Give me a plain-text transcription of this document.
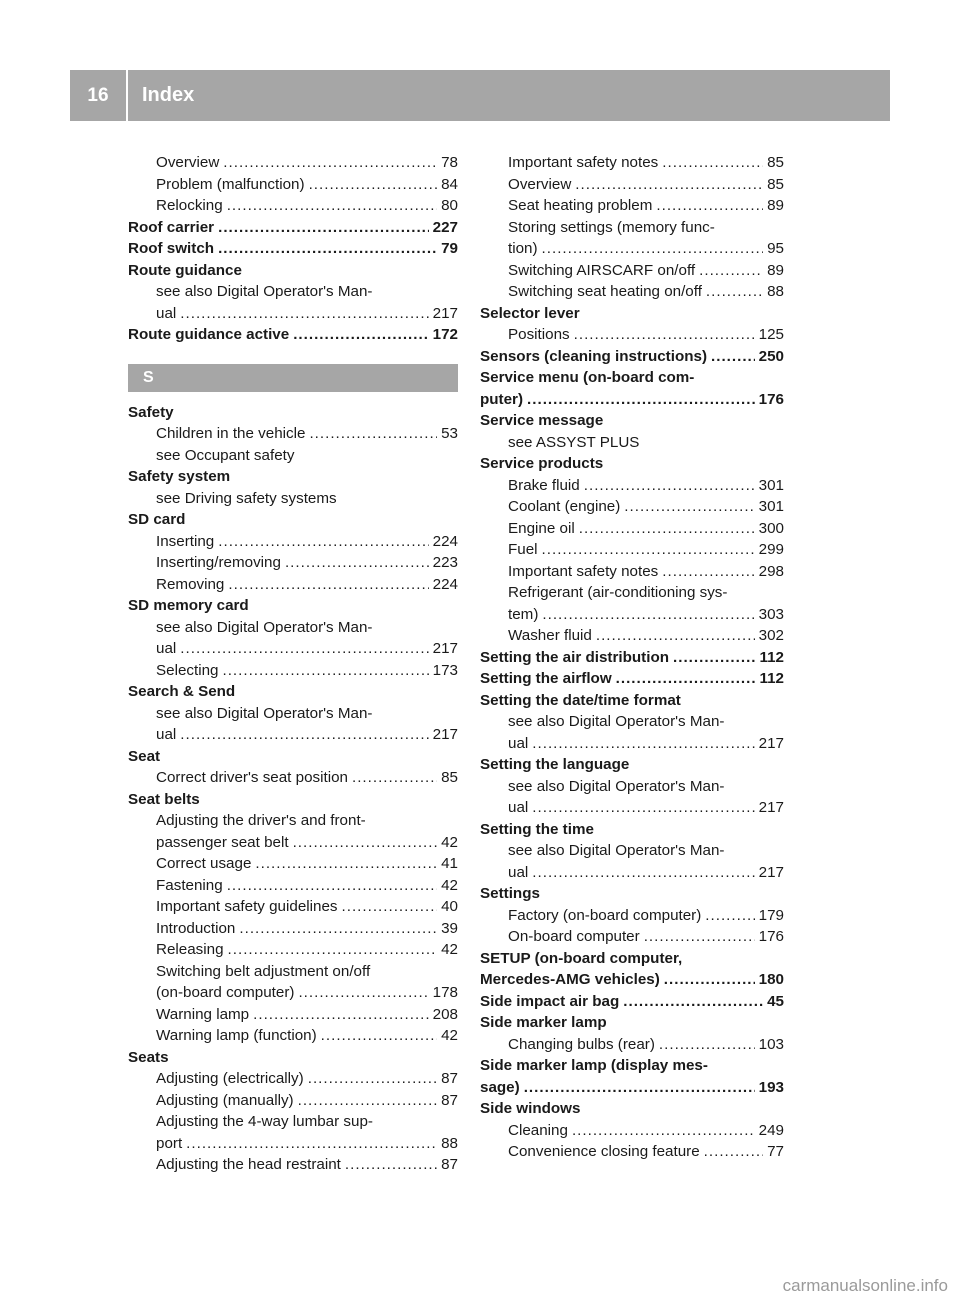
16	Index
Overview .....	78
Problem (malfunction) .....	84
Relocking .....	80
Roof carrier .....	227
Roof switch .....	79
Route guidance
see also Digital Operator's Man-
ual .....	217
Route guidance active .....	172
S
Safety
Children in the vehicle .....	53
see Occupant safety
Safety system
see Driving safety systems
SD card
Inserting .....	224
Inserting/removing .....	223
Removing .....	224
SD memory card
see also Digital Operator's Man-
ual .....	217
Selecting .....	173
Search & Send
see also Digital Operator's Man-
ual .....	217
Seat
Correct driver's seat position .....	85
Seat belts
Adjusting the driver's and front-
passenger seat belt .....	42
Correct usage .....	41
Fastening .....	42
Important safety guidelines .....	40
Introduction .....	39
Releasing .....	42
Switching belt adjustment on/off
(on-board computer) .....	178
Warning lamp .....	208
Warning lamp (function) .....	42
Seats
Adjusting (electrically) .....	87
Adjusting (manually) .....	87
Adjusting the 4-way lumbar sup-
port .....	88
Adjusting the head restraint .....	87
Important safety notes .....	85
Overview .....	85
Seat heating problem .....	89
Storing settings (memory func-
tion) .....	95
Switching AIRSCARF on/off .....	89
Switching seat heating on/off .....	88
Selector lever
Positions .....	125
Sensors (cleaning instructions) .....	250
Service menu (on-board com-
puter) .....	176
Service message
see ASSYST PLUS
Service products
Brake fluid .....	301
Coolant (engine) .....	301
Engine oil .....	300
Fuel .....	299
Important safety notes .....	298
Refrigerant (air-conditioning sys-
tem) .....	303
Washer fluid .....	302
Setting the air distribution .....	112
Setting the airflow .....	112
Setting the date/time format
see also Digital Operator's Man-
ual .....	217
Setting the language
see also Digital Operator's Man-
ual .....	217
Setting the time
see also Digital Operator's Man-
ual .....	217
Settings
Factory (on-board computer) .....	179
On-board computer .....	176
SETUP (on-board computer,
Mercedes-AMG vehicles) .....	180
Side impact air bag .....	45
Side marker lamp
Changing bulbs (rear) .....	103
Side marker lamp (display mes-
sage) .....	193
Side windows
Cleaning .....	249
Convenience closing feature .....	77
carmanualsonline.info
